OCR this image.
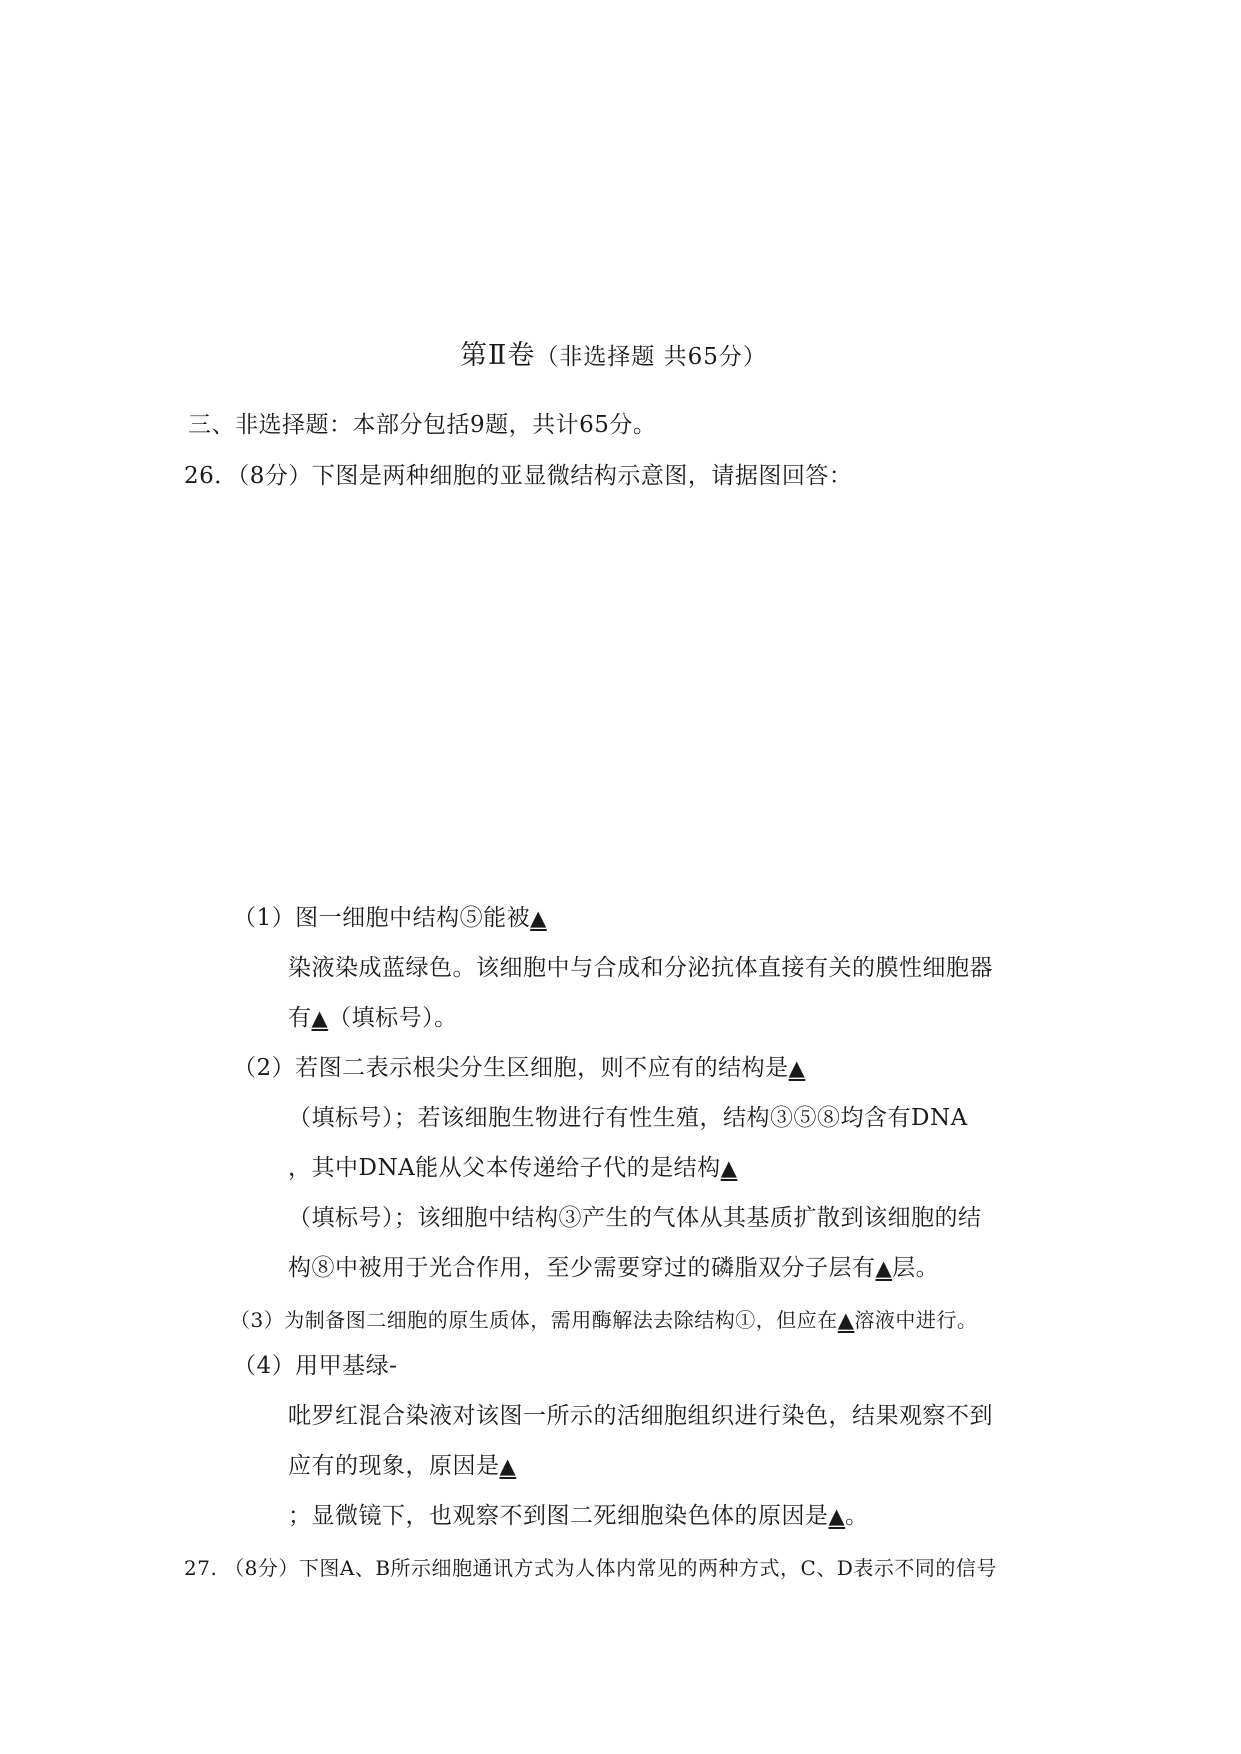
第Ⅱ卷（非选择题 共65分）
三、非选择题：本部分包括9题，共计65分。
26．（8分）下图是两种细胞的亚显微结构示意图，请据图回答：
（1）图一细胞中结构⑤能被▲
染液染成蓝绿色。该细胞中与合成和分泌抗体直接有关的膜性细胞器
有▲（填标号）。
（2）若图二表示根尖分生区细胞，则不应有的结构是▲
（填标号）；若该细胞生物进行有性生殖，结构③⑤⑧均含有DNA
，其中DNA能从父本传递给子代的是结构▲
（填标号）；该细胞中结构③产生的气体从其基质扩散到该细胞的结
构⑧中被用于光合作用，至少需要穿过的磷脂双分子层有▲层。
（3）为制备图二细胞的原生质体，需用酶解法去除结构①，但应在▲溶液中进行。
（4）用甲基绿-
吡罗红混合染液对该图一所示的活细胞组织进行染色，结果观察不到
应有的现象，原因是▲
；显微镜下，也观察不到图二死细胞染色体的原因是▲。
27. （8分）下图A、B所示细胞通讯方式为人体内常见的两种方式，C、D表示不同的信号
